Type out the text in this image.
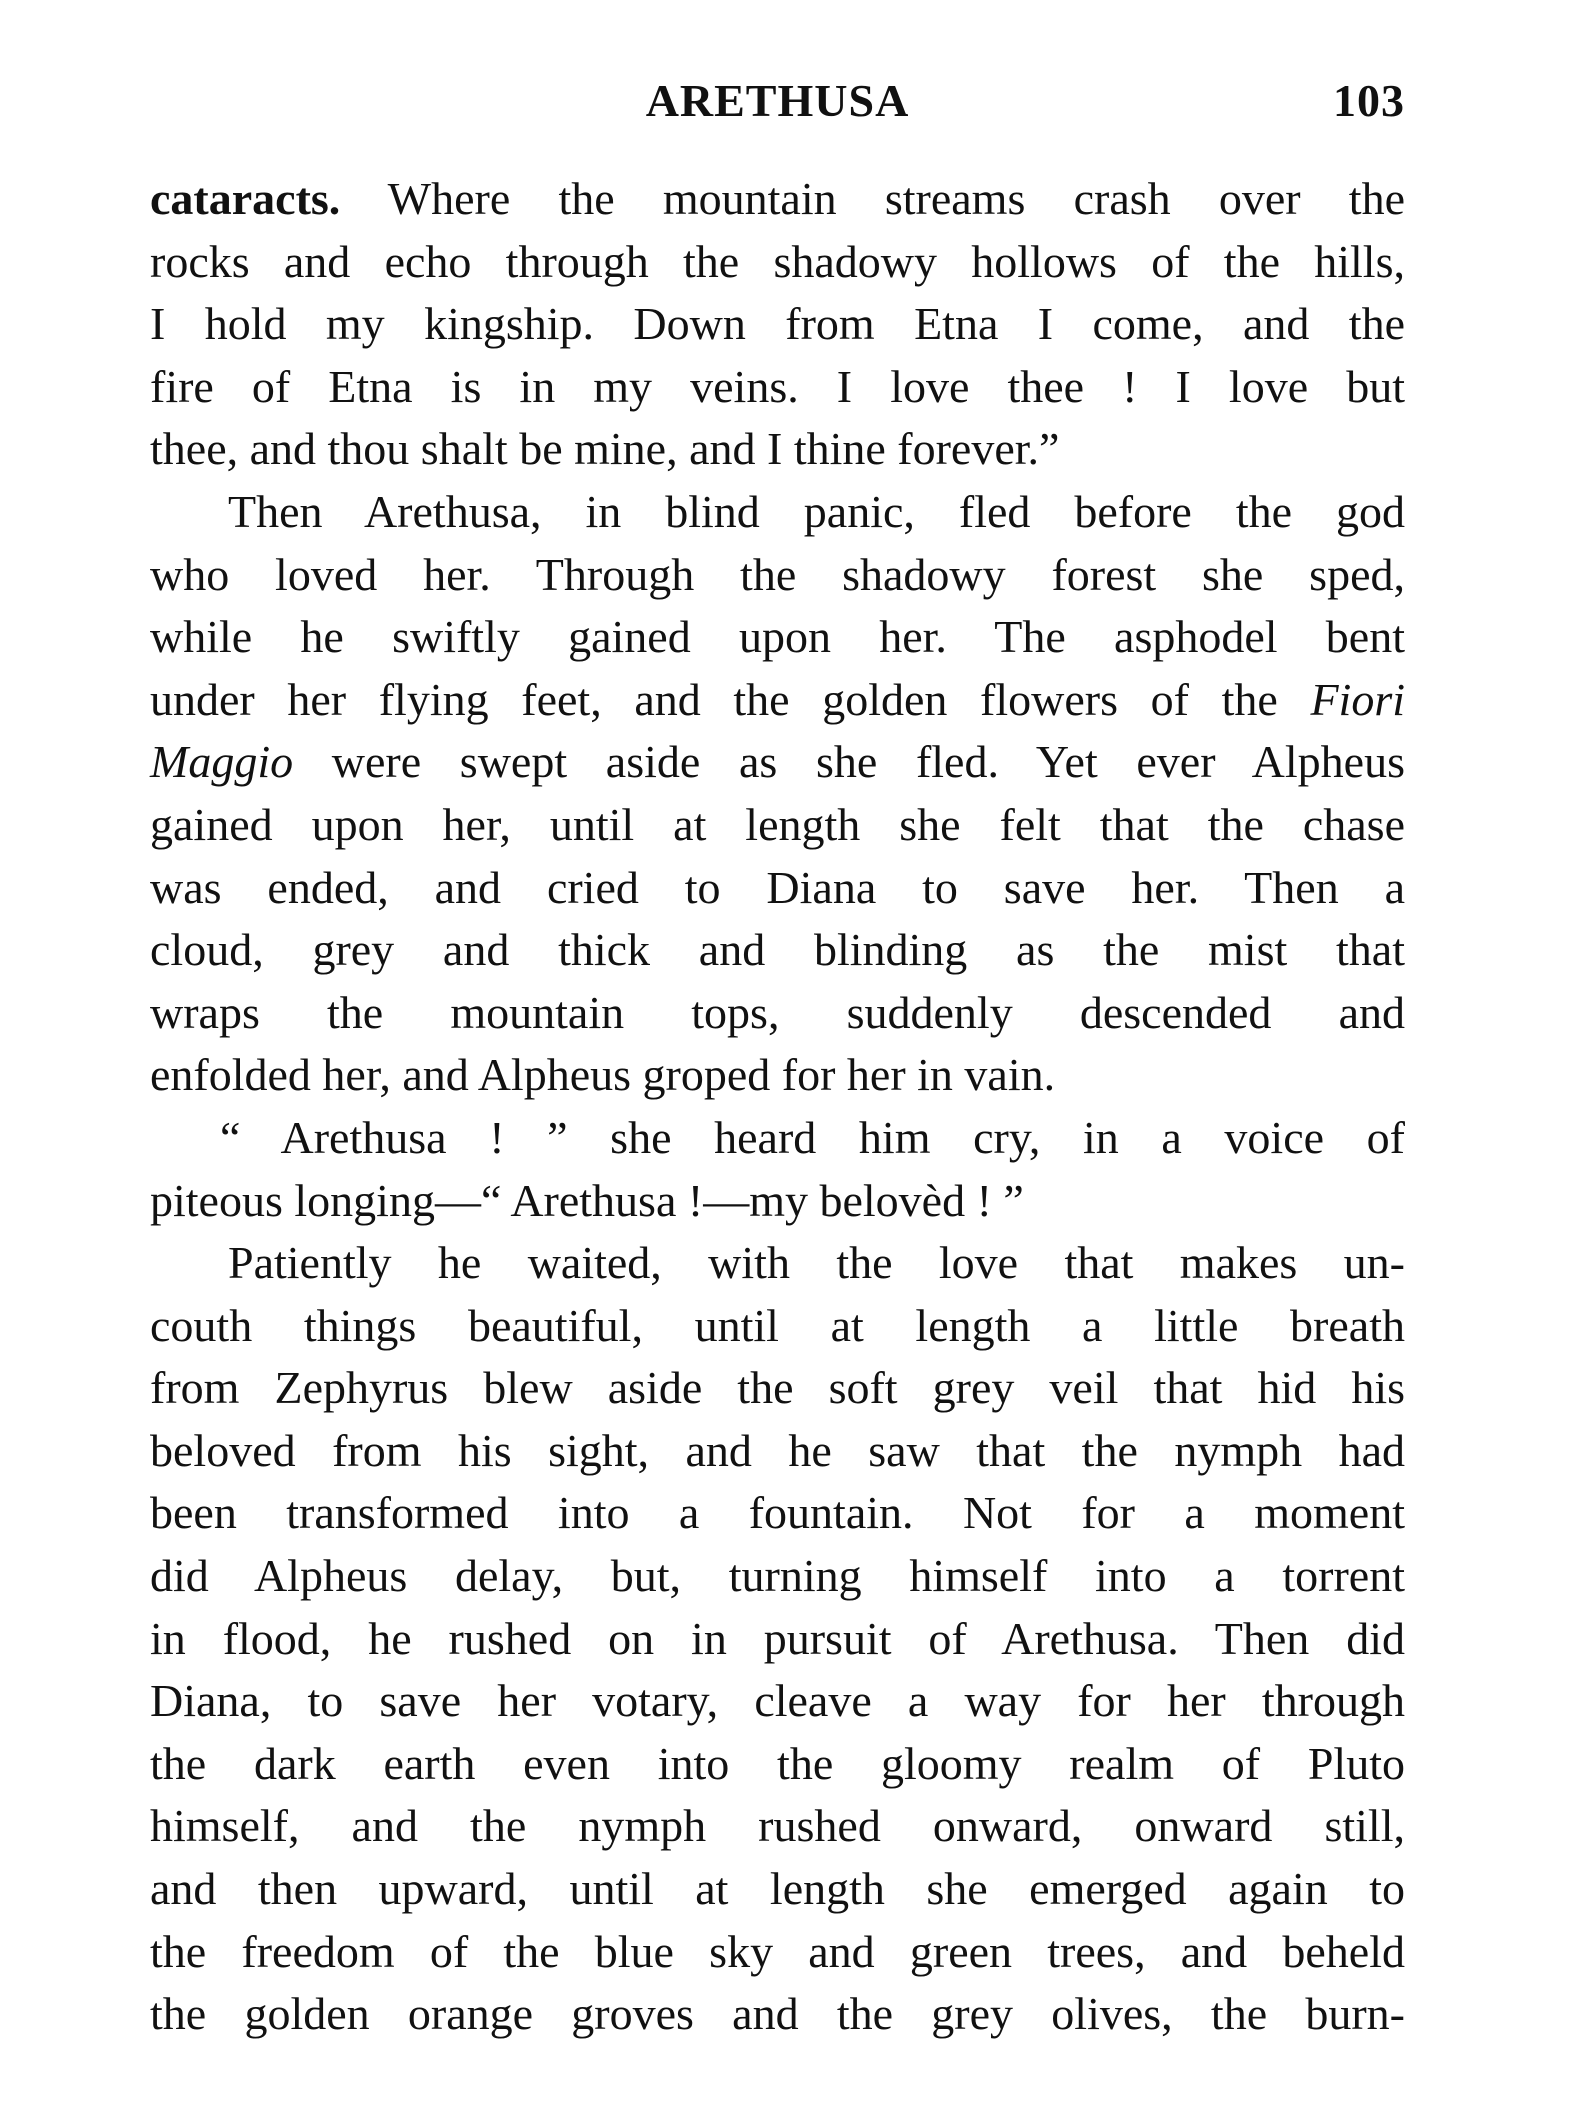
ARETHUSA	103
cataracts. Where the mountain streams crash over the
rocks and echo through the shadowy hollows of the hills,
I hold my kingship. Down from Etna I come, and the
fire of Etna is in my veins. I love thee ! I love but
thee, and thou shalt be mine, and I thine forever.”
Then Arethusa, in blind panic, fled before the god
who loved her. Through the shadowy forest she sped,
while he swiftly gained upon her. The asphodel bent
under her flying feet, and the golden flowers of the Fiori
Maggio were swept aside as she fled. Yet ever Alpheus
gained upon her, until at length she felt that the chase
was ended, and cried to Diana to save her. Then a
cloud, grey and thick and blinding as the mist that
wraps the mountain tops, suddenly descended and
enfolded her, and Alpheus groped for her in vain.
“ Arethusa ! ” she heard him cry, in a voice of
piteous longing—“ Arethusa !—my belovèd ! ”
Patiently he waited, with the love that makes un-
couth things beautiful, until at length a little breath
from Zephyrus blew aside the soft grey veil that hid his
beloved from his sight, and he saw that the nymph had
been transformed into a fountain. Not for a moment
did Alpheus delay, but, turning himself into a torrent
in flood, he rushed on in pursuit of Arethusa. Then did
Diana, to save her votary, cleave a way for her through
the dark earth even into the gloomy realm of Pluto
himself, and the nymph rushed onward, onward still,
and then upward, until at length she emerged again to
the freedom of the blue sky and green trees, and beheld
the golden orange groves and the grey olives, the burn-
